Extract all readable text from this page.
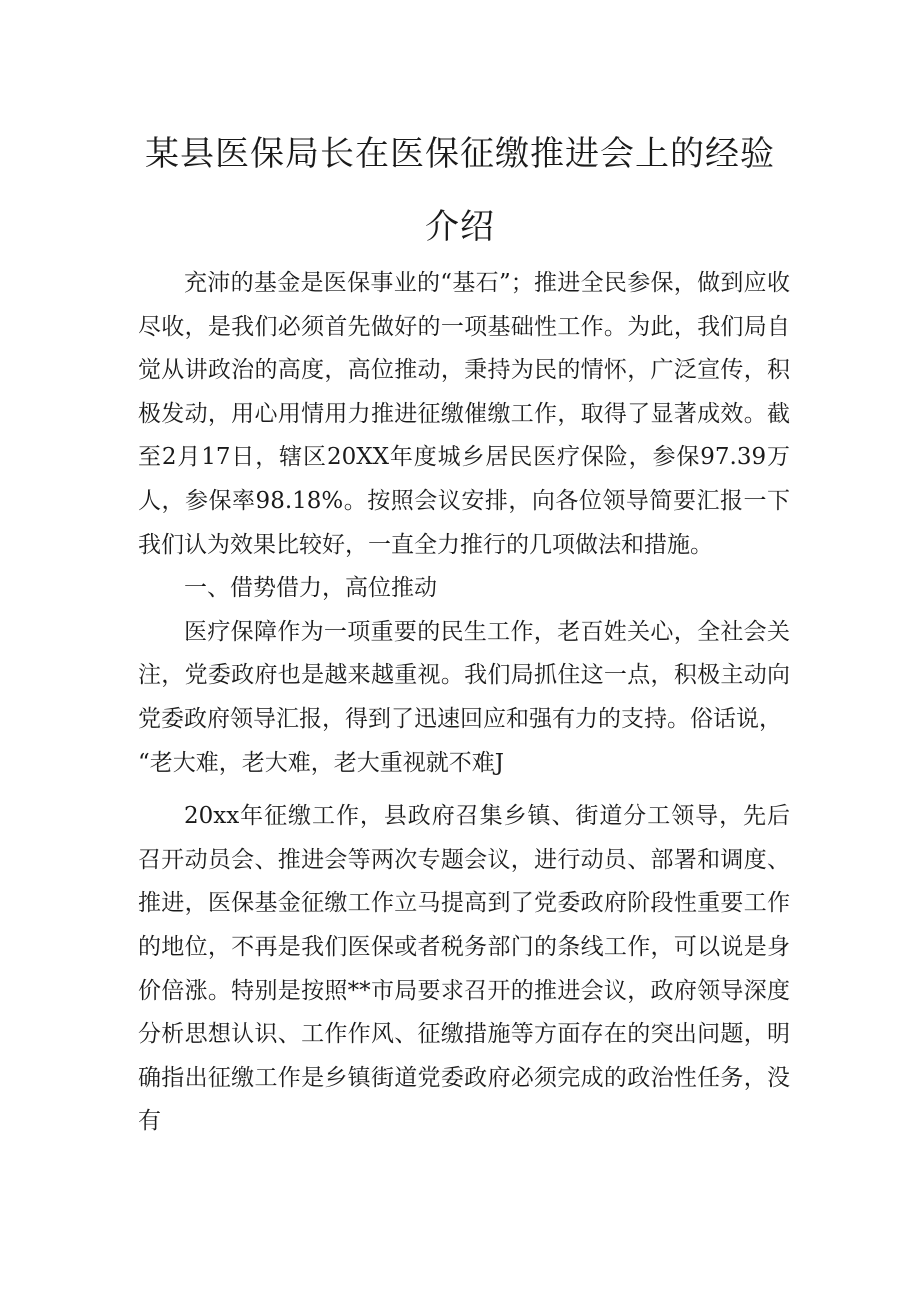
某县医保局长在医保征缴推进会上的经验
介绍

充沛的基金是医保事业的“基石”；推进全民参保，做到应收尽收，是我们必须首先做好的一项基础性工作。为此，我们局自觉从讲政治的高度，高位推动，秉持为民的情怀，广泛宣传，积极发动，用心用情用力推进征缴催缴工作，取得了显著成效。截至2月17日，辖区20XX年度城乡居民医疗保险，参保97.39万人，参保率98.18%。按照会议安排，向各位领导简要汇报一下我们认为效果比较好，一直全力推行的几项做法和措施。

一、借势借力，高位推动

医疗保障作为一项重要的民生工作，老百姓关心，全社会关注，党委政府也是越来越重视。我们局抓住这一点，积极主动向党委政府领导汇报，得到了迅速回应和强有力的支持。俗话说，

“老大难，老大难，老大重视就不难J

20xx年征缴工作，县政府召集乡镇、街道分工领导，先后召开动员会、推进会等两次专题会议，进行动员、部署和调度、推进，医保基金征缴工作立马提高到了党委政府阶段性重要工作的地位，不再是我们医保或者税务部门的条线工作，可以说是身价倍涨。特别是按照**市局要求召开的推进会议，政府领导深度分析思想认识、工作作风、征缴措施等方面存在的突出问题，明确指出征缴工作是乡镇街道党委政府必须完成的政治性任务，没有
